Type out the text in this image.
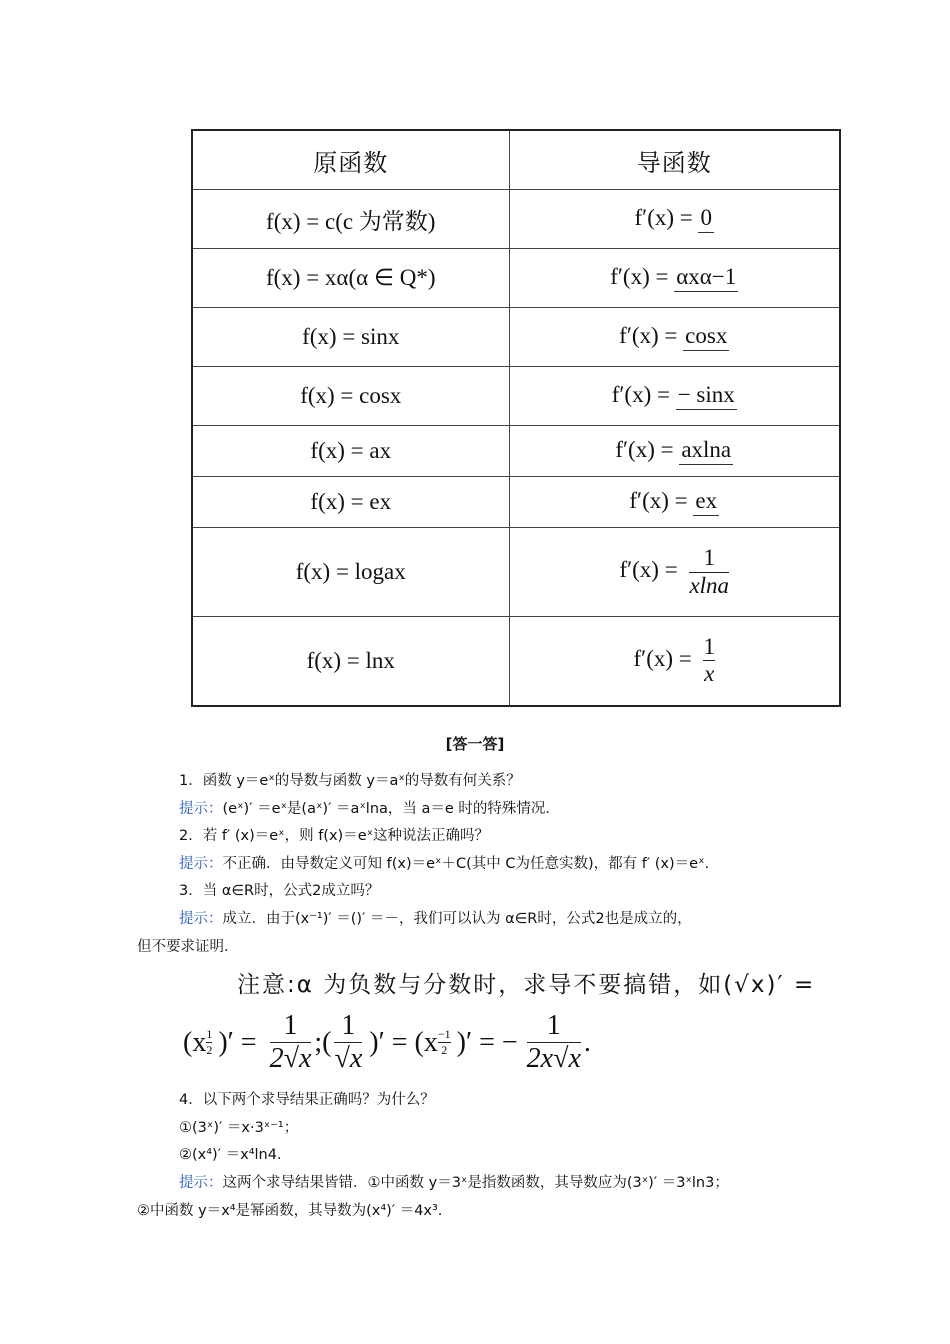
原函数	导函数
f(x) = c(c 为常数)	f′(x) = 0
f(x) = xα(α ∈ Q*)	f′(x) = αxα−1
f(x) = sinx	f′(x) = cosx
f(x) = cosx	f′(x) = − sinx
f(x) = ax	f′(x) = axlna
f(x) = ex	f′(x) = ex
f(x) = logax	$f'(x) = \frac{1}{xlna}$

f(x) = lnx	$f'(x) = \frac{1}{x}$
[答一答]
1．函数 y＝eˣ的导数与函数 y＝aˣ的导数有何关系？
提示：(eˣ)′ ＝eˣ是(aˣ)′ ＝aˣlna，当 a＝e 时的特殊情况．
2．若 f′ (x)＝eˣ，则 f(x)＝eˣ这种说法正确吗？
提示：不正确．由导数定义可知 f(x)＝eˣ＋C(其中 C为任意实数)，都有 f′ (x)＝eˣ.
3．当 α∈R时，公式2成立吗？
提示：成立．由于(x⁻¹)′ ＝()′ ＝－，我们可以认为 α∈R时，公式2也是成立的，
但不要求证明．
注意:α 为负数与分数时，求导不要搞错，如(√x)′ =
(x 1
2 )′ = $\frac{1}{2√x}$ ;( $\frac{1}{√x}$ )′ = (x −1
2 )′ = − $\frac{1}{2x√x}$ .
4．以下两个求导结果正确吗？为什么？
①(3ˣ)′ ＝x·3ˣ⁻¹；
②(x⁴)′ ＝x⁴ln4.
提示：这两个求导结果皆错．①中函数 y＝3ˣ是指数函数，其导数应为(3ˣ)′ ＝3ˣln3；
②中函数 y＝x⁴是幂函数，其导数为(x⁴)′ ＝4x³.
